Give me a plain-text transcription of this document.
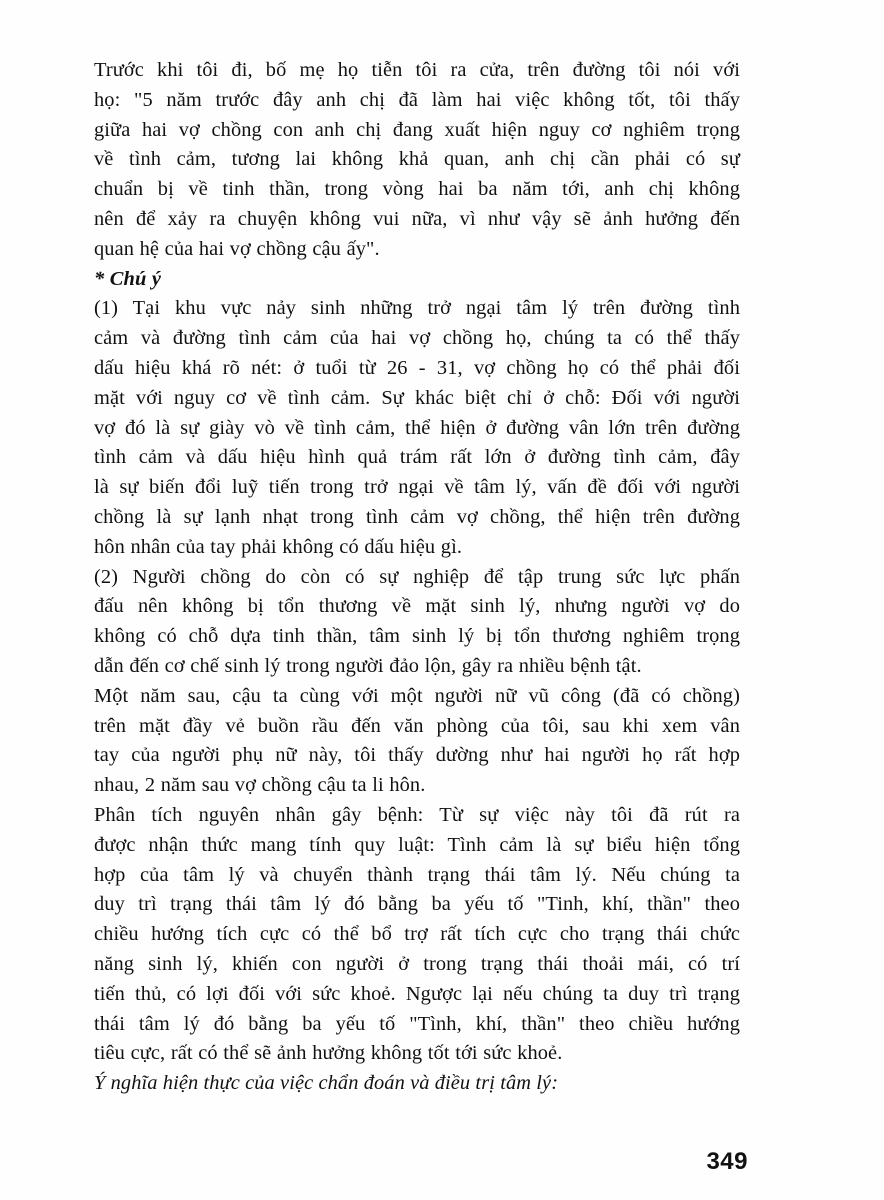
Trước khi tôi đi, bố mẹ họ tiễn tôi ra cửa, trên đường tôi nói với
họ: "5 năm trước đây anh chị đã làm hai việc không tốt, tôi thấy
giữa hai vợ chồng con anh chị đang xuất hiện nguy cơ nghiêm trọng
về tình cảm, tương lai không khả quan, anh chị cần phải có sự
chuẩn bị về tinh thần, trong vòng hai ba năm tới, anh chị không
nên để xảy ra chuyện không vui nữa, vì như vậy sẽ ảnh hưởng đến
quan hệ của hai vợ chồng cậu ấy".

* Chú ý

(1) Tại khu vực nảy sinh những trở ngại tâm lý trên đường tình
cảm và đường tình cảm của hai vợ chồng họ, chúng ta có thể thấy
dấu hiệu khá rõ nét: ở tuổi từ 26 - 31, vợ chồng họ có thể phải đối
mặt với nguy cơ về tình cảm. Sự khác biệt chỉ ở chỗ: Đối với người
vợ đó là sự giày vò về tình cảm, thể hiện ở đường vân lớn trên đường
tình cảm và dấu hiệu hình quả trám rất lớn ở đường tình cảm, đây
là sự biến đổi luỹ tiến trong trở ngại về tâm lý, vấn đề đối với người
chồng là sự lạnh nhạt trong tình cảm vợ chồng, thể hiện trên đường
hôn nhân của tay phải không có dấu hiệu gì.

(2) Người chồng do còn có sự nghiệp để tập trung sức lực phấn
đấu nên không bị tổn thương về mặt sinh lý, nhưng người vợ do
không có chỗ dựa tinh thần, tâm sinh lý bị tổn thương nghiêm trọng
dẫn đến cơ chế sinh lý trong người đảo lộn, gây ra nhiều bệnh tật.

Một năm sau, cậu ta cùng với một người nữ vũ công (đã có chồng)
trên mặt đầy vẻ buồn rầu đến văn phòng của tôi, sau khi xem vân
tay của người phụ nữ này, tôi thấy dường như hai người họ rất hợp
nhau, 2 năm sau vợ chồng cậu ta li hôn.

Phân tích nguyên nhân gây bệnh: Từ sự việc này tôi đã rút ra
được nhận thức mang tính quy luật: Tình cảm là sự biểu hiện tổng
hợp của tâm lý và chuyển thành trạng thái tâm lý. Nếu chúng ta
duy trì trạng thái tâm lý đó bằng ba yếu tố "Tinh, khí, thần" theo
chiều hướng tích cực có thể bổ trợ rất tích cực cho trạng thái chức
năng sinh lý, khiến con người ở trong trạng thái thoải mái, có trí
tiến thủ, có lợi đối với sức khoẻ. Ngược lại nếu chúng ta duy trì trạng
thái tâm lý đó bằng ba yếu tố "Tình, khí, thần" theo chiều hướng
tiêu cực, rất có thể sẽ ảnh hưởng không tốt tới sức khoẻ.

Ý nghĩa hiện thực của việc chẩn đoán và điều trị tâm lý:

349
